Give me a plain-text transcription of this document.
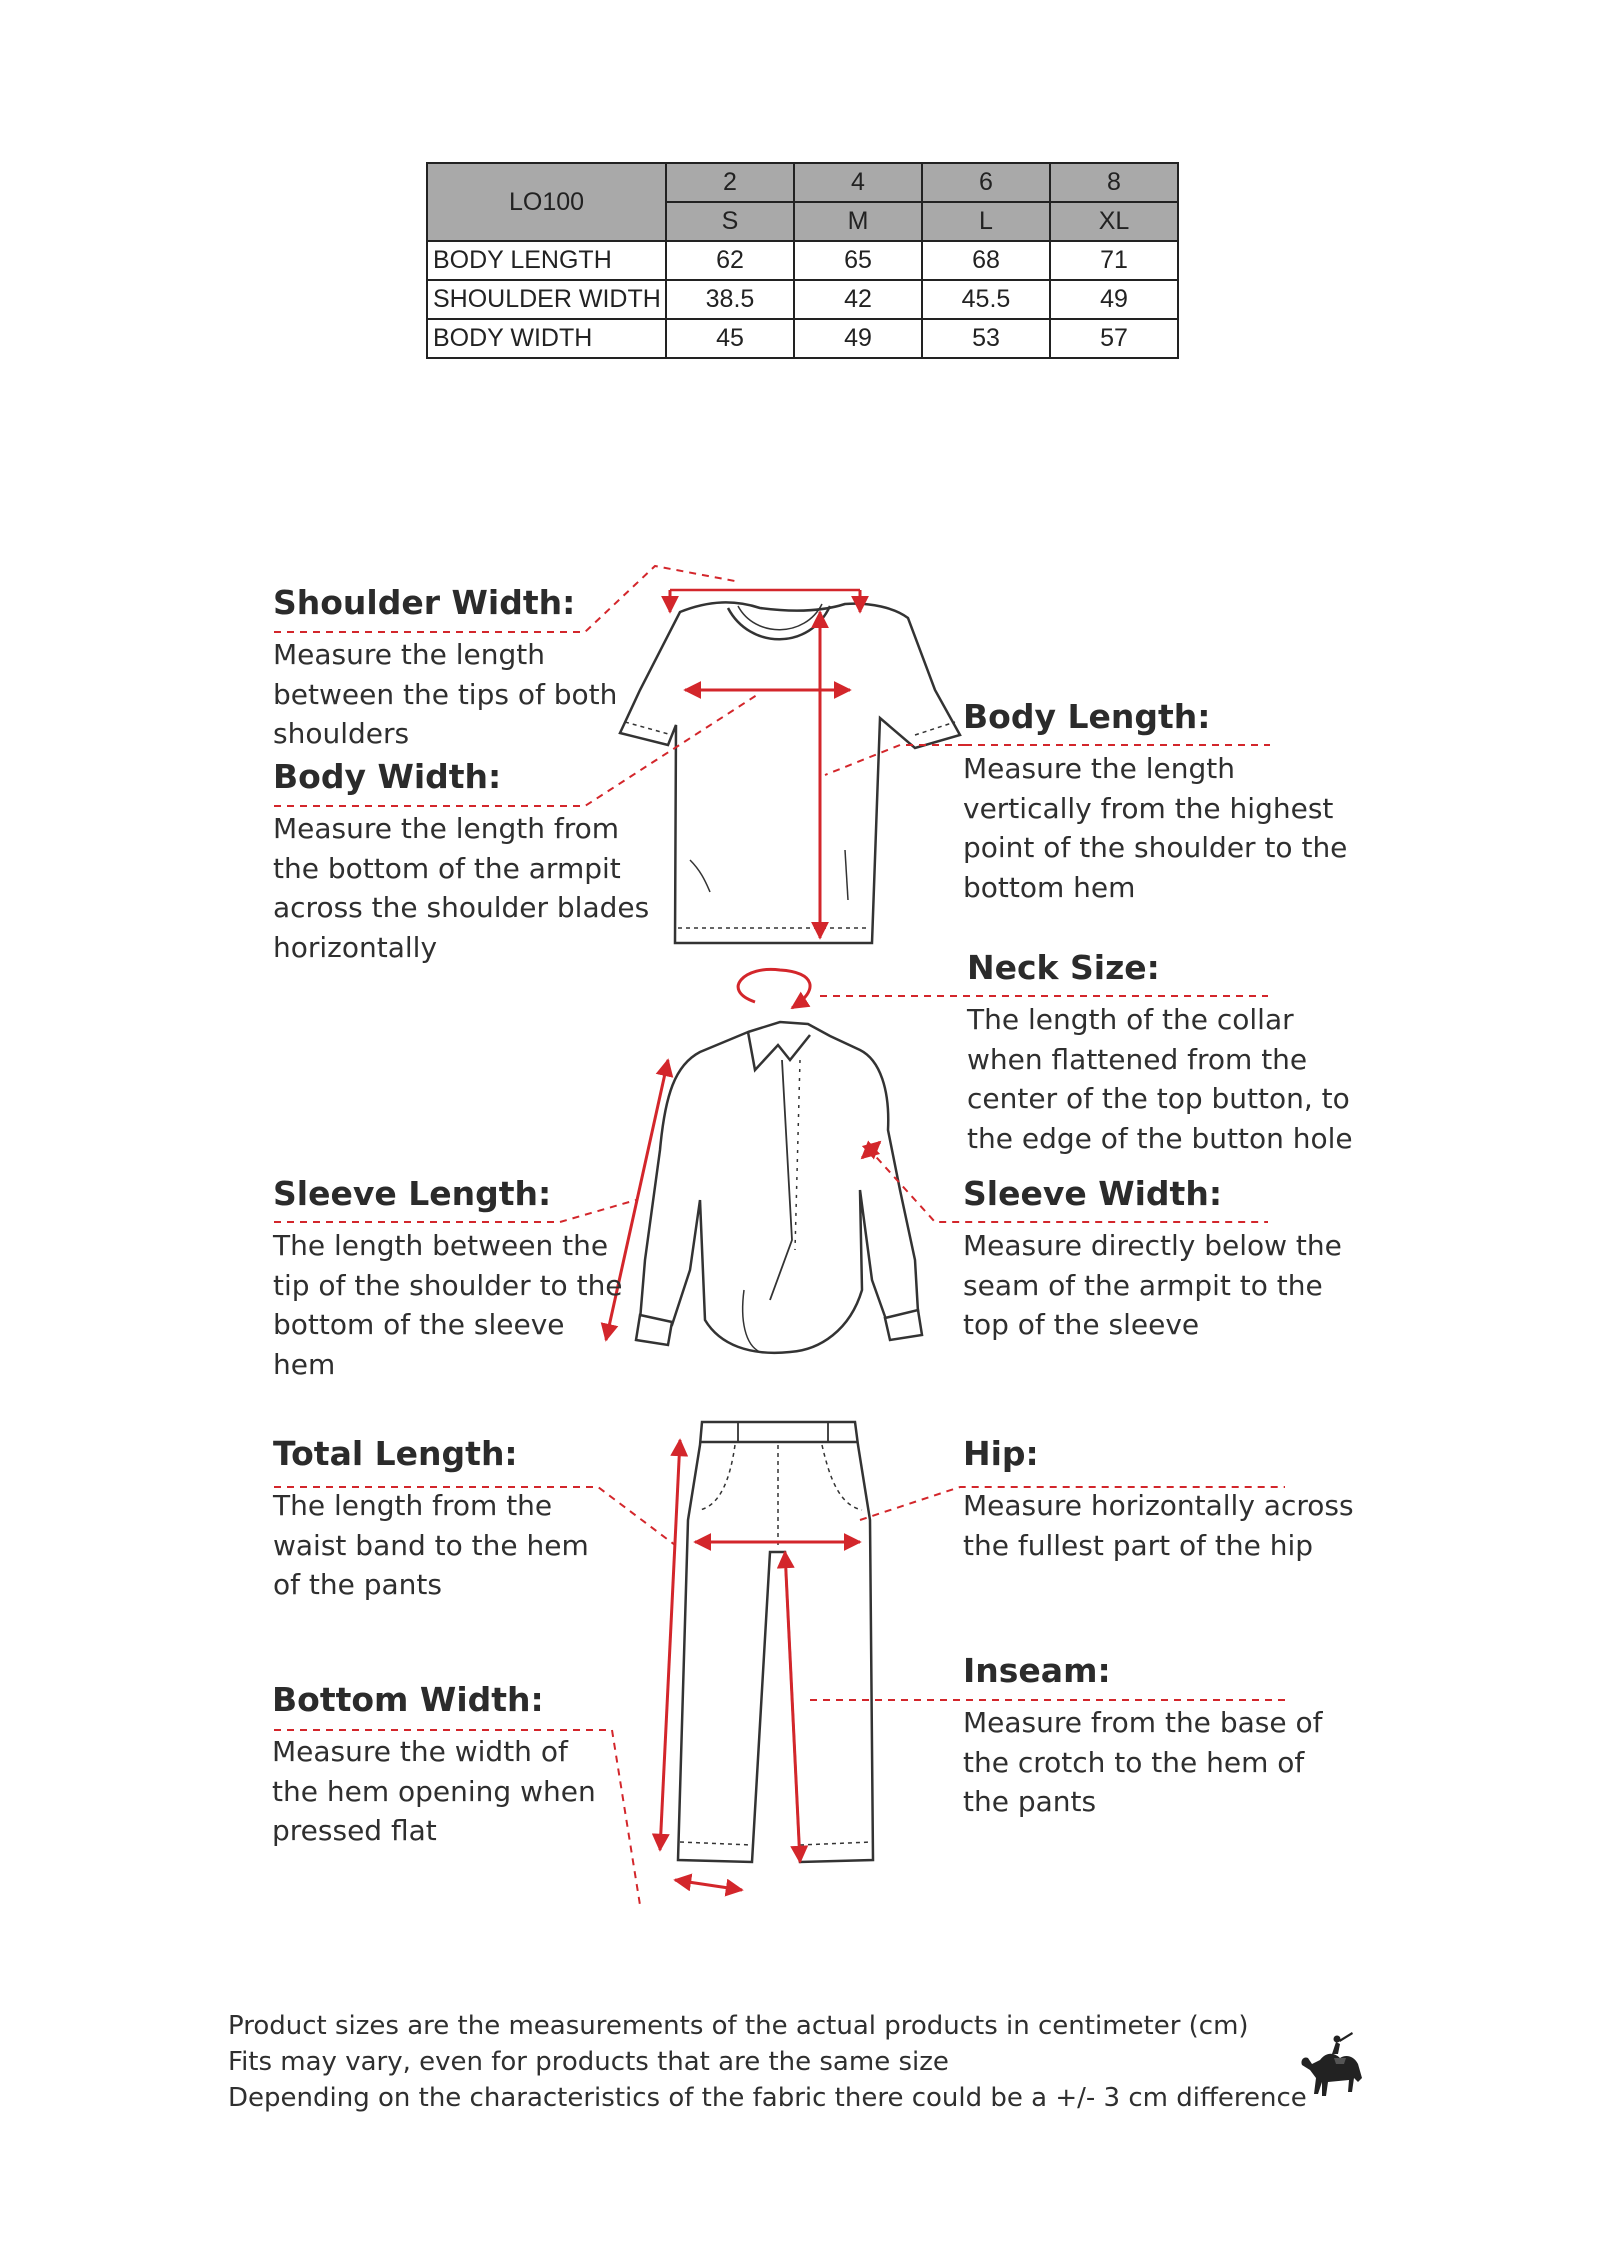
LO100	2	4	6	8
	S	M	L	XL
BODY LENGTH	62	65	68	71
SHOULDER WIDTH	38.5	42	45.5	49
BODY WIDTH	45	49	53	57
Shoulder Width:

Measure the length
between the tips of both
shoulders

Body Width:

Measure the length from
the bottom of the armpit
across the shoulder blades
horizontally

Body Length:

Measure the length
vertically from the highest
point of the shoulder to the
bottom hem

Neck Size:

The length of the collar
when flattened from the
center of the top button, to
the edge of the button hole

Sleeve Length:

The length between the
tip of the shoulder to the
bottom of the sleeve
hem

Sleeve Width:

Measure directly below the
seam of the armpit to the
top of the sleeve

Total Length:

The length from the
waist band to the hem
of the pants

Hip:

Measure horizontally across
the fullest part of the hip

Bottom Width:

Measure the width of
the hem opening when
pressed flat

Inseam:

Measure from the base of
the crotch to the hem of
the pants

Product sizes are the measurements of the actual products in centimeter (cm)
Fits may vary, even for products that are the same size
Depending on the characteristics of the fabric there could be a +/- 3 cm difference
